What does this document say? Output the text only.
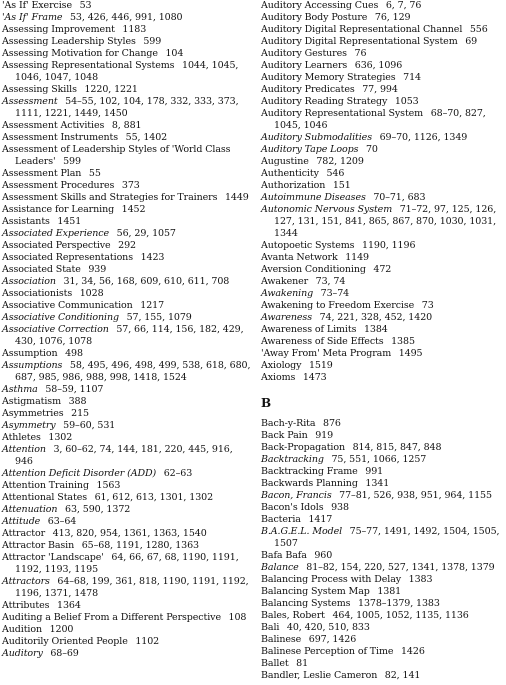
'As If' Exercise  53
'As If' Frame  53, 426, 446, 991, 1080
Assessing Improvement  1183
Assessing Leadership Styles  599
Assessing Motivation for Change  104
Assessing Representational Systems  1044, 1045, 1046, 1047, 1048
Assessing Skills  1220, 1221
Assessment  54–55, 102, 104, 178, 332, 333, 373, 1111, 1221, 1449, 1450
Assessment Activities  8, 881
Assessment Instruments  55, 1402
Assessment of Leadership Styles of 'World Class Leaders'  599
Assessment Plan  55
Assessment Procedures  373
Assessment Skills and Strategies for Trainers  1449
Assistance for Learning  1452
Assistants  1451
Associated Experience  56, 29, 1057
Associated Perspective  292
Associated Representations  1423
Associated State  939
Association  31, 34, 56, 168, 609, 610, 611, 708
Associationists  1028
Associative Communication  1217
Associative Conditioning  57, 155, 1079
Associative Correction  57, 66, 114, 156, 182, 429, 430, 1076, 1078
Assumption  498
Assumptions  58, 495, 496, 498, 499, 538, 618, 680, 687, 985, 986, 988, 998, 1418, 1524
Asthma  58–59, 1107
Astigmatism  388
Asymmetries  215
Asymmetry  59–60, 531
Athletes  1302
Attention  3, 60–62, 74, 144, 181, 220, 445, 916, 946
Attention Deficit Disorder (ADD)  62–63
Attention Training  1563
Attentional States  61, 612, 613, 1301, 1302
Attenuation  63, 590, 1372
Attitude  63–64
Attractor  413, 820, 954, 1361, 1363, 1540
Attractor Basin  65–68, 1191, 1280, 1363
Attractor 'Landscape'  64, 66, 67, 68, 1190, 1191, 1192, 1193, 1195
Attractors  64–68, 199, 361, 818, 1190, 1191, 1192, 1196, 1371, 1478
Attributes  1364
Auditing a Belief From a Different Perspective  108
Audition  1200
Auditorily Oriented People  1102
Auditory  68–69
Auditory Accessing Cues  6, 7, 76
Auditory Body Posture  76, 129
Auditory Digital Representational Channel  556
Auditory Digital Representational System  69
Auditory Gestures  76
Auditory Learners  636, 1096
Auditory Memory Strategies  714
Auditory Predicates  77, 994
Auditory Reading Strategy  1053
Auditory Representational System  68–70, 827, 1045, 1046
Auditory Submodalities  69–70, 1126, 1349
Auditory Tape Loops  70
Augustine  782, 1209
Authenticity  546
Authorization  151
Autoimmune Diseases  70–71, 683
Autonomic Nervous System  71–72, 97, 125, 126, 127, 131, 151, 841, 865, 867, 870, 1030, 1031, 1344
Autopoetic Systems  1190, 1196
Avanta Network  1149
Aversion Conditioning  472
Awakener  73, 74
Awakening  73–74
Awakening to Freedom Exercise  73
Awareness  74, 221, 328, 452, 1420
Awareness of Limits  1384
Awareness of Side Effects  1385
'Away From' Meta Program  1495
Axiology  1519
Axioms  1473
B
Bach-y-Rita  876
Back Pain  919
Back-Propagation  814, 815, 847, 848
Backtracking  75, 551, 1066, 1257
Backtracking Frame  991
Backwards Planning  1341
Bacon, Francis  77–81, 526, 938, 951, 964, 1155
Bacon's Idols  938
Bacteria  1417
B.A.G.E.L. Model  75–77, 1491, 1492, 1504, 1505, 1507
Bafa Bafa  960
Balance  81–82, 154, 220, 527, 1341, 1378, 1379
Balancing Process with Delay  1383
Balancing System Map  1381
Balancing Systems  1378–1379, 1383
Bales, Robert  464, 1005, 1052, 1135, 1136
Bali  40, 420, 510, 833
Balinese  697, 1426
Balinese Perception of Time  1426
Ballet  81
Bandler, Leslie Cameron  82, 141
